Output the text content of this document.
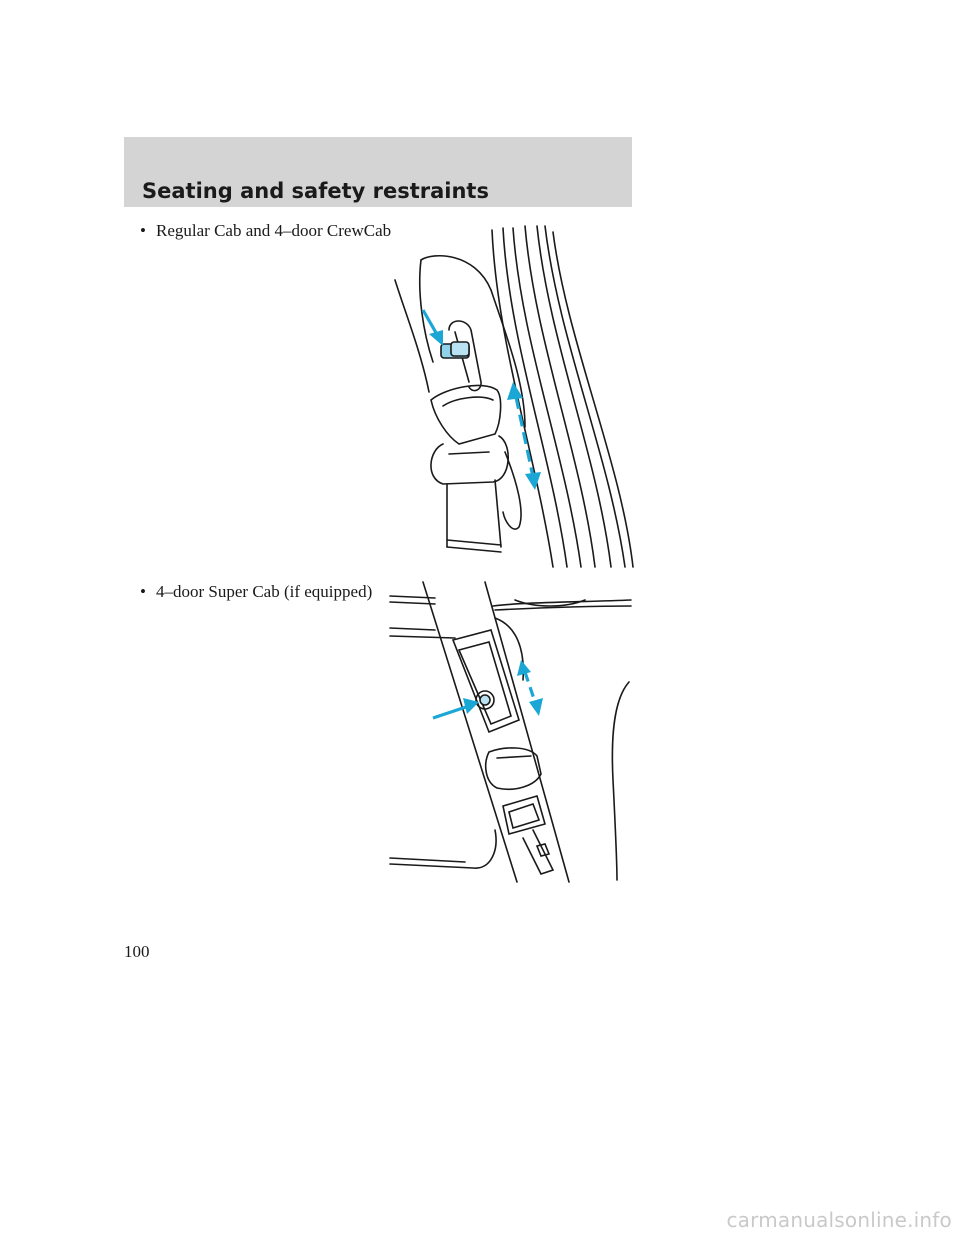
Seating and safety restraints
• Regular Cab and 4–door CrewCab
• 4–door Super Cab (if equipped)
100
carmanualsonline.info
